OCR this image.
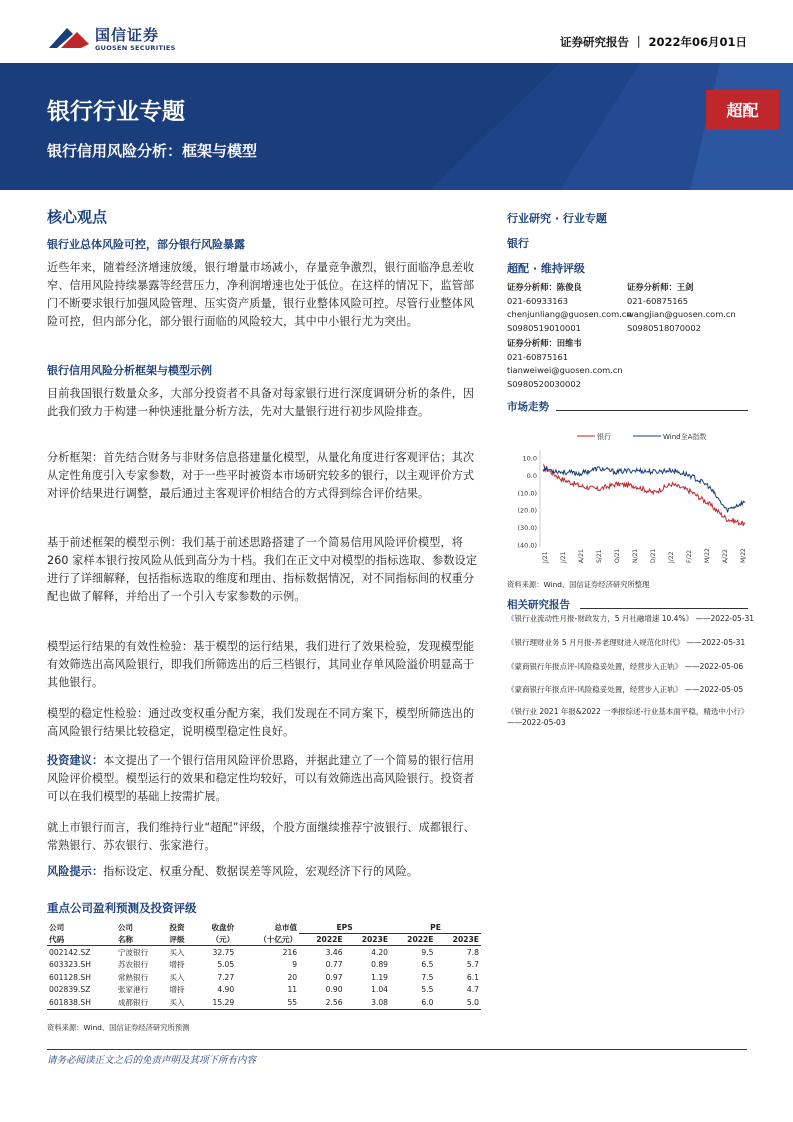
国信证券
GUOSEN SECURITIES	证券研究报告 ｜ 2022年06月01日
银行行业专题
银行信用风险分析：框架与模型
超配
核心观点
银行业总体风险可控，部分银行风险暴露
近些年来，随着经济增速放缓，银行增量市场减小，存量竞争激烈，银行面临净息差收窄、信用风险持续暴露等经营压力，净利润增速也处于低位。在这样的情况下，监管部门不断要求银行加强风险管理、压实资产质量，银行业整体风险可控。尽管行业整体风险可控，但内部分化，部分银行面临的风险较大，其中中小银行尤为突出。
银行信用风险分析框架与模型示例
目前我国银行数量众多，大部分投资者不具备对每家银行进行深度调研分析的条件，因此我们致力于构建一种快速批量分析方法，先对大量银行进行初步风险排查。
分析框架：首先结合财务与非财务信息搭建量化模型，从量化角度进行客观评估；其次从定性角度引入专家参数，对于一些平时被资本市场研究较多的银行，以主观评价方式对评价结果进行调整，最后通过主客观评价相结合的方式得到综合评价结果。
基于前述框架的模型示例：我们基于前述思路搭建了一个简易信用风险评价模型，将 260 家样本银行按风险从低到高分为十档。我们在正文中对模型的指标选取、参数设定进行了详细解释，包括指标选取的维度和理由、指标数据情况，对不同指标间的权重分配也做了解释，并给出了一个引入专家参数的示例。
模型运行结果的有效性检验：基于模型的运行结果，我们进行了效果检验，发现模型能有效筛选出高风险银行，即我们所筛选出的后三档银行，其同业存单风险溢价明显高于其他银行。
模型的稳定性检验：通过改变权重分配方案，我们发现在不同方案下，模型所筛选出的高风险银行结果比较稳定，说明模型稳定性良好。
投资建议：本文提出了一个银行信用风险评价思路，并据此建立了一个简易的银行信用风险评价模型。模型运行的效果和稳定性均较好，可以有效筛选出高风险银行。投资者可以在我们模型的基础上按需扩展。
就上市银行而言，我们维持行业“超配”评级，个股方面继续推荐宁波银行、成都银行、常熟银行、苏农银行、张家港行。
风险提示：指标设定、权重分配、数据误差等风险，宏观经济下行的风险。
行业研究 · 行业专题
银行
超配 · 维持评级
证券分析师：陈俊良
021-60933163
chenjunliang@guosen.com.cn
S0980519010001
证券分析师：王剑
021-60875165
wangjian@guosen.com.cn
S0980518070002
证券分析师：田维韦
021-60875161
tianweiwei@guosen.com.cn
S0980520030002
市场走势
银行	Wind全A指数
10.0
0.0
(10.0)
(20.0)
(30.0)
(40.0)
J/21 J/21 A/21 S/21 O/21 N/21 D/21 J/22 F/22 M/22 A/22 M/22
资料来源：Wind、国信证券经济研究所整理
相关研究报告
《银行业流动性月报-财政发力，5 月社融增速 10.4%》 ——2022-05-31
《银行理财业务 5 月月报-养老理财进入规范化时代》 ——2022-05-31
《蒙商银行年报点评-风险稳妥处置，经营步入正轨》 ——2022-05-06
《蒙商银行年报点评-风险稳妥处置，经营步入正轨》 ——2022-05-05
《银行业 2021 年报&2022 一季报综述-行业基本面平稳，精选中小行》 ——2022-05-03
重点公司盈利预测及投资评级
公司	公司	投资	收盘价	总市值	EPS		PE	
代码	名称	评级	（元）	（十亿元）	2022E	2023E	2022E	2023E
002142.SZ	宁波银行	买入	32.75	216	3.46	4.20	9.5	7.8
603323.SH	苏农银行	增持	5.05	9	0.77	0.89	6.5	5.7
601128.SH	常熟银行	买入	7.27	20	0.97	1.19	7.5	6.1
002839.SZ	张家港行	增持	4.90	11	0.90	1.04	5.5	4.7
601838.SH	成都银行	买入	15.29	55	2.56	3.08	6.0	5.0
资料来源：Wind、国信证券经济研究所预测
请务必阅读正文之后的免责声明及其项下所有内容
